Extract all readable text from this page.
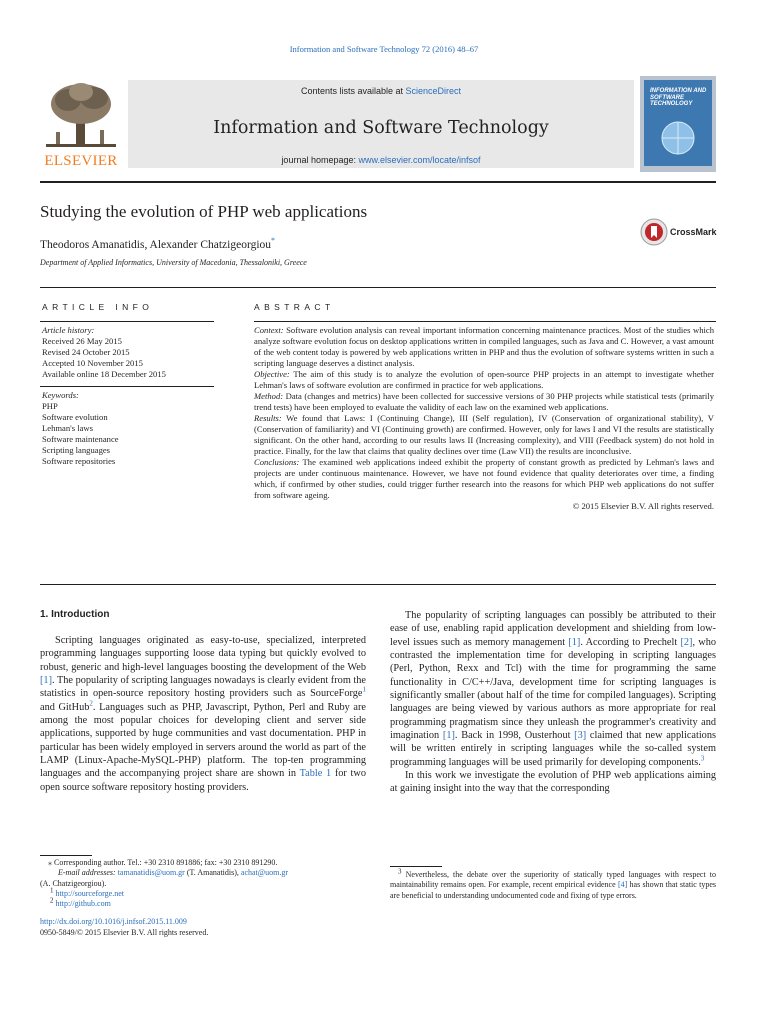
Information and Software Technology 72 (2016) 48–67
ELSEVIER
Contents lists available at ScienceDirect
Information and Software Technology
journal homepage: www.elsevier.com/locate/infsof
INFORMATION AND SOFTWARE TECHNOLOGY
Studying the evolution of PHP web applications
Theodoros Amanatidis, Alexander Chatzigeorgiou*
Department of Applied Informatics, University of Macedonia, Thessaloniki, Greece
CrossMark
ARTICLE INFO	ABSTRACT
Article history:
Received 26 May 2015
Revised 24 October 2015
Accepted 10 November 2015
Available online 18 December 2015
Keywords:
PHP
Software evolution
Lehman's laws
Software maintenance
Scripting languages
Software repositories

Context: Software evolution analysis can reveal important information concerning maintenance practices. Most of the studies which analyze software evolution focus on desktop applications written in compiled languages, such as Java and C. However, a vast amount of the web content today is powered by web applications written in PHP and thus the evolution of software systems written in such a scripting language deserves a distinct analysis.

Objective: The aim of this study is to analyze the evolution of open-source PHP projects in an attempt to investigate whether Lehman's laws of software evolution are confirmed in practice for web applications.

Method: Data (changes and metrics) have been collected for successive versions of 30 PHP projects while statistical tests (primarily trend tests) have been employed to evaluate the validity of each law on the examined web applications.

Results: We found that Laws: I (Continuing Change), III (Self regulation), IV (Conservation of organizational stability), V (Conservation of familiarity) and VI (Continuing growth) are confirmed. However, only for laws I and VI the results are statistically significant. On the other hand, according to our results laws II (Increasing complexity), and VIII (Feedback system) do not hold in practice. Finally, for the law that claims that quality declines over time (Law VII) the results are inconclusive.

Conclusions: The examined web applications indeed exhibit the property of constant growth as predicted by Lehman's laws and projects are under continuous maintenance. However, we have not found evidence that quality deteriorates over time, a finding which, if confirmed by other studies, could trigger further research into the reasons for which PHP web applications do not suffer from software ageing.

© 2015 Elsevier B.V. All rights reserved.

1. Introduction

Scripting languages originated as easy-to-use, specialized, interpreted programming languages supporting loose data typing but quickly evolved to robust, generic and high-level languages boosting the development of the Web [1]. The popularity of scripting languages nowadays is clearly evident from the statistics in open-source repository hosting providers such as SourceForge$^1$ and GitHub$^2$. Languages such as PHP, Javascript, Python, Perl and Ruby are among the most popular choices for developing client and server side applications, supported by huge communities and vast documentation. PHP in particular has been widely employed in servers around the world as part of the LAMP (Linux-Apache-MySQL-PHP) platform. The top-ten programming languages and the accompanying project share are shown in Table 1 for two open source software repository hosting providers.

The popularity of scripting languages can possibly be attributed to their ease of use, enabling rapid application development and shielding from low-level issues such as memory management [1]. According to Prechelt [2], who contrasted the implementation time for developing in scripting languages (Perl, Python, Rexx and Tcl) with the time for programming the same functionality in C/C++/Java, development time for scripting languages is significantly smaller (about half of the time for compiled languages). Scripting languages are being viewed by various authors as more appropriate for real programming pragmatism since they unleash the programmer's creativity and imagination [1]. Back in 1998, Ousterhout [3] claimed that new applications will be written entirely in scripting languages while the so-called system programming languages will be used primarily for developing components.$^3$

In this work we investigate the evolution of PHP web applications aiming at gaining insight into the way that the corresponding

⁎ Corresponding author. Tel.: +30 2310 891886; fax: +30 2310 891290.

E-mail addresses: tamanatidis@uom.gr (T. Amanatidis), achat@uom.gr

(A. Chatzigeorgiou).

$^1$ http://sourceforge.net

$^2$ http://github.com

http://dx.doi.org/10.1016/j.infsof.2015.11.009

0950-5849/© 2015 Elsevier B.V. All rights reserved.

$^3$ Nevertheless, the debate over the superiority of statically typed languages with respect to maintainability remains open. For example, recent empirical evidence [4] has shown that static types are beneficial to understanding undocumented code and fixing of type errors.
